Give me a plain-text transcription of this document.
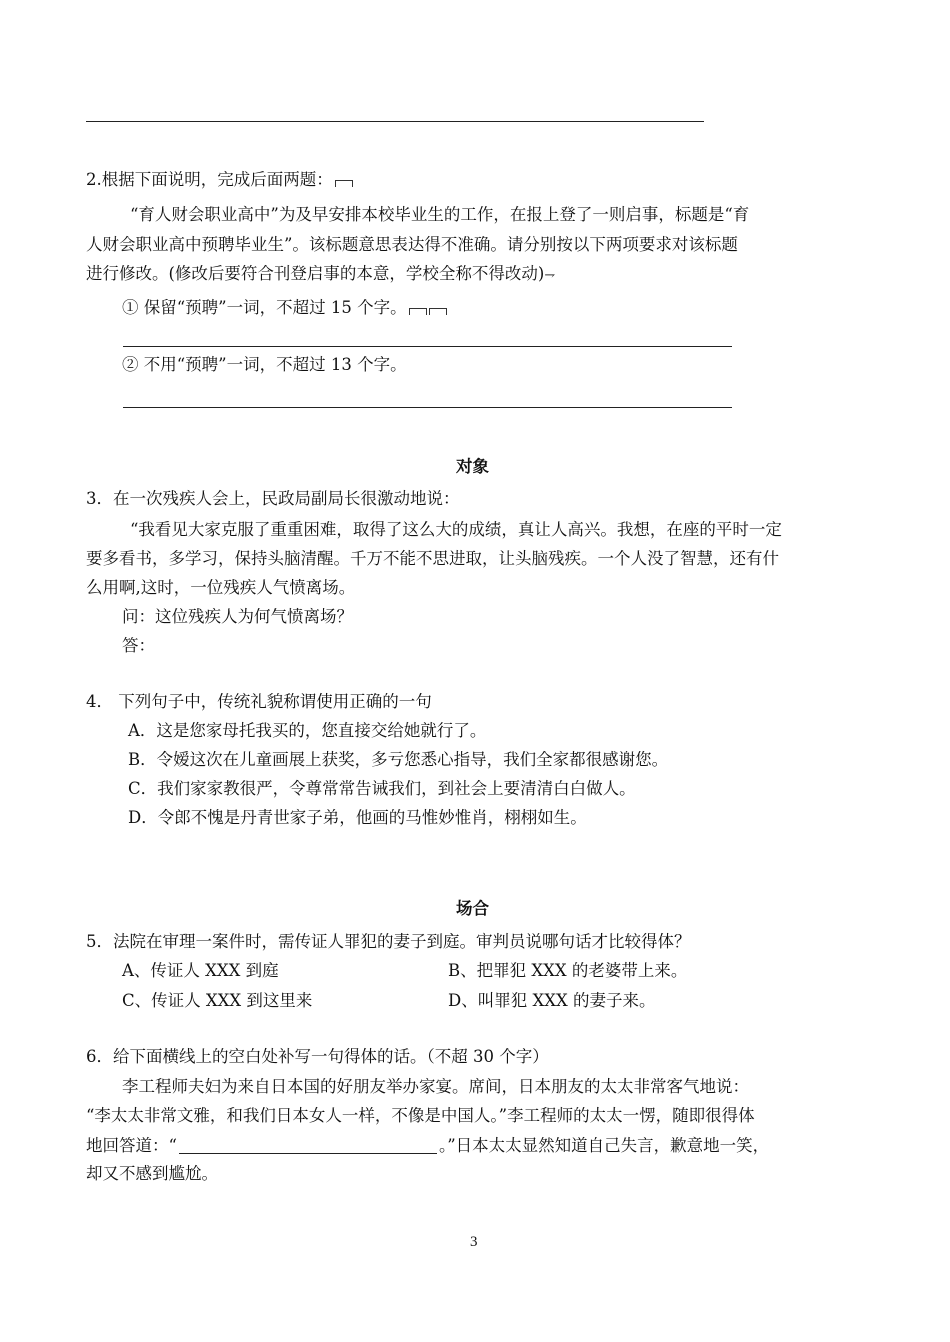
2.根据下面说明，完成后面两题：
“育人财会职业高中”为及早安排本校毕业生的工作，在报上登了一则启事，标题是“育
人财会职业高中预聘毕业生”。该标题意思表达得不准确。请分别按以下两项要求对该标题
进行修改。(修改后要符合刊登启事的本意，学校全称不得改动)⇁
① 保留“预聘”一词，不超过 15 个字。
② 不用“预聘”一词，不超过 13 个字。
对象
3．在一次残疾人会上，民政局副局长很激动地说：
“我看见大家克服了重重困难，取得了这么大的成绩，真让人高兴。我想，在座的平时一定
要多看书，多学习，保持头脑清醒。千万不能不思进取，让头脑残疾。一个人没了智慧，还有什
么用啊,这时，一位残疾人气愤离场。
问：这位残疾人为何气愤离场？
答：
4． 下列句子中，传统礼貌称谓使用正确的一句
A．这是您家母托我买的，您直接交给她就行了。
B．令嫒这次在儿童画展上获奖，多亏您悉心指导，我们全家都很感谢您。
C．我们家家教很严，令尊常常告诫我们，到社会上要清清白白做人。
D．令郎不愧是丹青世家子弟，他画的马惟妙惟肖，栩栩如生。
场合
5．法院在审理一案件时，需传证人罪犯的妻子到庭。审判员说哪句话才比较得体？
A、传证人 XXX 到庭	B、把罪犯 XXX 的老婆带上来。
C、传证人 XXX 到这里来	D、叫罪犯 XXX 的妻子来。
6．给下面横线上的空白处补写一句得体的话。（不超 30 个字）
李工程师夫妇为来自日本国的好朋友举办家宴。席间，日本朋友的太太非常客气地说：
“李太太非常文雅，和我们日本女人一样，不像是中国人。”李工程师的太太一愣，随即很得体
地回答道：“	。”日本太太显然知道自己失言，歉意地一笑，
却又不感到尴尬。
3
